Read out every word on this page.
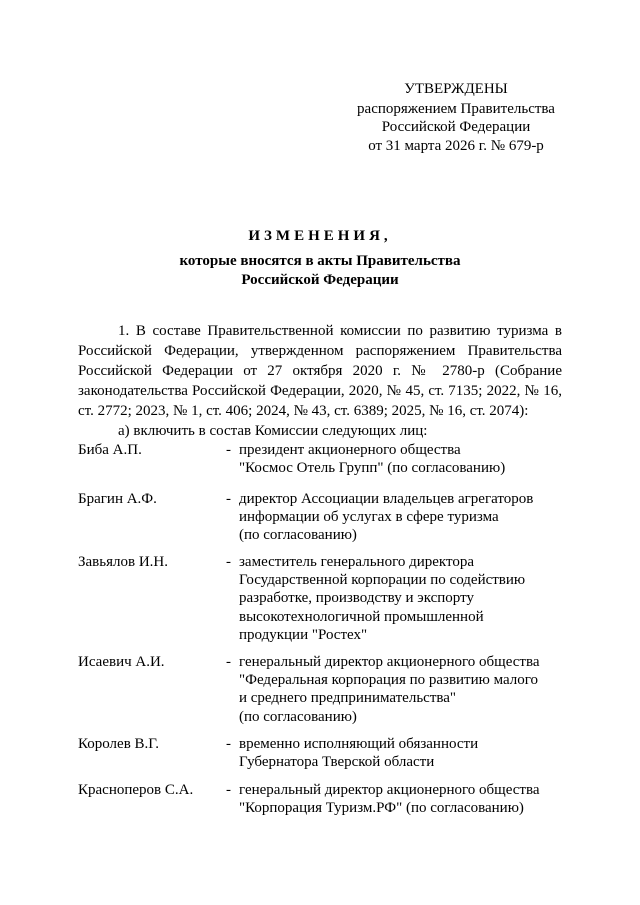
УТВЕРЖДЕНЫ
распоряжением Правительства
Российской Федерации
от 31 марта 2026 г. № 679-р
ИЗМЕНЕНИЯ,
которые вносятся в акты Правительства
Российской Федерации
1. В составе Правительственной комиссии по развитию туризма в Российской Федерации, утвержденном распоряжением Правительства Российской Федерации от 27 октября 2020 г. № 2780-р (Собрание законодательства Российской Федерации, 2020, № 45, ст. 7135; 2022, № 16, ст. 2772; 2023, № 1, ст. 406; 2024, № 43, ст. 6389; 2025, № 16, ст. 2074):
а) включить в состав Комиссии следующих лиц:
Биба А.П.	- президент акционерного общества
"Космос Отель Групп" (по согласованию)
Брагин А.Ф.	- директор Ассоциации владельцев агрегаторов
информации об услугах в сфере туризма
(по согласованию)
Завьялов И.Н.	- заместитель генерального директора
Государственной корпорации по содействию
разработке, производству и экспорту
высокотехнологичной промышленной
продукции "Ростех"
Исаевич А.И.	- генеральный директор акционерного общества
"Федеральная корпорация по развитию малого
и среднего предпринимательства"
(по согласованию)
Королев В.Г.	- временно исполняющий обязанности
Губернатора Тверской области
Красноперов С.А. - генеральный директор акционерного общества
"Корпорация Туризм.РФ" (по согласованию)
